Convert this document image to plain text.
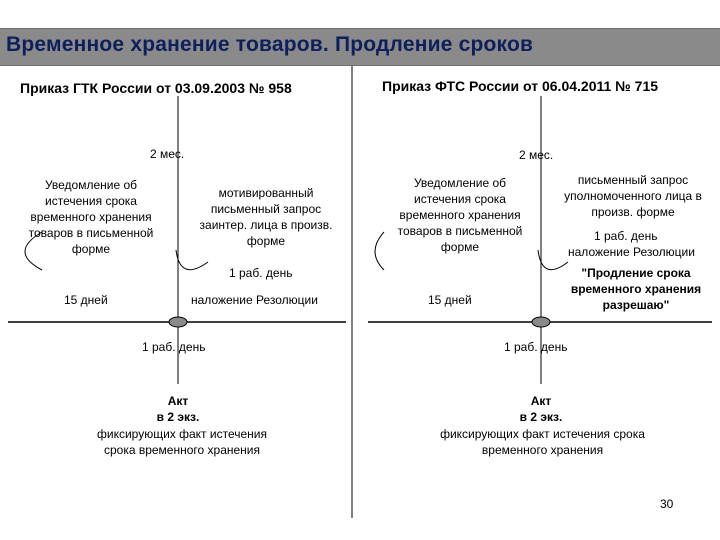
Временное хранение товаров. Продление сроков
Приказ ГТК России от 03.09.2003 № 958
2 мес.
Уведомление об истечения срока временного хранения товаров в письменной форме
мотивированный письменный запрос заинтер. лица в произв. форме
1 раб. день
15 дней	наложение Резолюции
1 раб. день
Акт
в 2 экз.
фиксирующих факт истечения срока временного хранения
Приказ ФТС России от 06.04.2011 № 715
2 мес.
Уведомление об истечения срока временного хранения товаров в письменной форме
письменный запрос уполномоченного лица в произв. форме
1 раб. день
наложение Резолюции
"Продление срока временного хранения разрешаю"
15 дней
1 раб. день
Акт
в 2 экз.
фиксирующих факт истечения срока временного хранения
30
